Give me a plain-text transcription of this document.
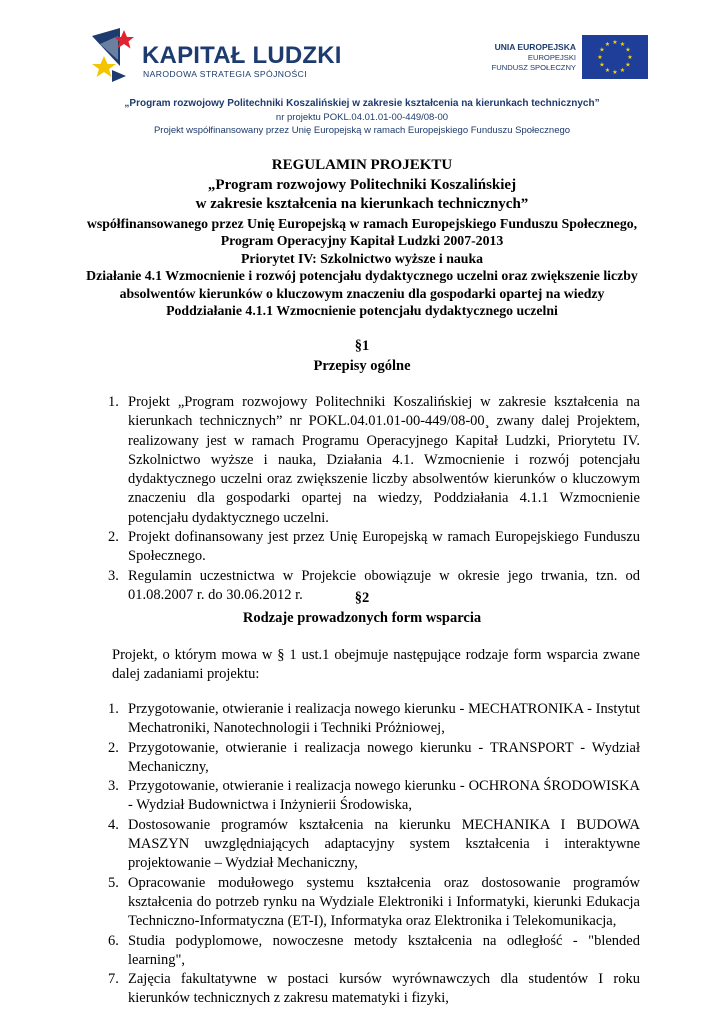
KAPITAŁ LUDZKI
NARODOWA STRATEGIA SPÓJNOŚCI
UNIA EUROPEJSKA
EUROPEJSKI
FUNDUSZ SPOŁECZNY
★ ★
★
★
★
★
★
★
★
★
★
★
„Program rozwojowy Politechniki Koszalińskiej w zakresie kształcenia na kierunkach technicznych”
nr projektu POKL.04.01.01-00-449/08-00
Projekt współfinansowany przez Unię Europejską w ramach Europejskiego Funduszu Społecznego
REGULAMIN PROJEKTU
„Program rozwojowy Politechniki Koszalińskiej
w zakresie kształcenia na kierunkach technicznych”
współfinansowanego przez Unię Europejską w ramach Europejskiego Funduszu Społecznego,
Program Operacyjny Kapitał Ludzki 2007-2013
Priorytet IV: Szkolnictwo wyższe i nauka
Działanie 4.1 Wzmocnienie i rozwój potencjału dydaktycznego uczelni oraz zwiększenie liczby
absolwentów kierunków o kluczowym znaczeniu dla gospodarki opartej na wiedzy
Poddziałanie 4.1.1 Wzmocnienie potencjału dydaktycznego uczelni
§1
Przepisy ogólne
1. Projekt „Program rozwojowy Politechniki Koszalińskiej w zakresie kształcenia na kierunkach technicznych” nr POKL.04.01.01-00-449/08-00¸ zwany dalej Projektem, realizowany jest w ramach Programu Operacyjnego Kapitał Ludzki, Priorytetu IV. Szkolnictwo wyższe i nauka, Działania 4.1. Wzmocnienie i rozwój potencjału dydaktycznego uczelni oraz zwiększenie liczby absolwentów kierunków o kluczowym znaczeniu dla gospodarki opartej na wiedzy, Poddziałania 4.1.1 Wzmocnienie potencjału dydaktycznego uczelni.
2. Projekt dofinansowany jest przez Unię Europejską w ramach Europejskiego Funduszu Społecznego.
3. Regulamin uczestnictwa w Projekcie obowiązuje w okresie jego trwania, tzn. od 01.08.2007 r. do 30.06.2012 r.	§2
Rodzaje prowadzonych form wsparcia
Projekt, o którym mowa w § 1 ust.1 obejmuje następujące rodzaje form wsparcia zwane dalej zadaniami projektu:
1. Przygotowanie, otwieranie i realizacja nowego kierunku - MECHATRONIKA - Instytut Mechatroniki, Nanotechnologii i Techniki Próżniowej,
2. Przygotowanie, otwieranie i realizacja nowego kierunku - TRANSPORT - Wydział Mechaniczny,
3. Przygotowanie, otwieranie i realizacja nowego kierunku - OCHRONA ŚRODOWISKA - Wydział Budownictwa i Inżynierii Środowiska,
4. Dostosowanie programów kształcenia na kierunku MECHANIKA I BUDOWA MASZYN uwzględniających adaptacyjny system kształcenia i interaktywne projektowanie – Wydział Mechaniczny,
5. Opracowanie modułowego systemu kształcenia oraz dostosowanie programów kształcenia do potrzeb rynku na Wydziale Elektroniki i Informatyki, kierunki Edukacja Techniczno-Informatyczna (ET-I), Informatyka oraz Elektronika i Telekomunikacja,
6. Studia podyplomowe, nowoczesne metody kształcenia na odległość - "blended learning",
7. Zajęcia fakultatywne w postaci kursów wyrównawczych dla studentów I roku kierunków technicznych z zakresu matematyki i fizyki,
